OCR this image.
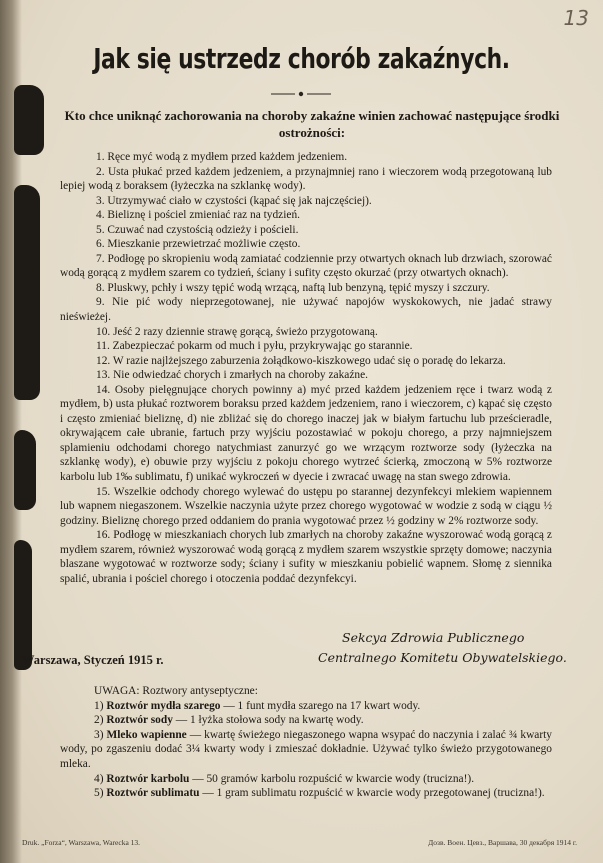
13
Jak się ustrzedz chorób zakaźnych.
Kto chce uniknąć zachorowania na choroby zakaźne winien zachować następujące środki ostrożności:
1. Ręce myć wodą z mydłem przed każdem jedzeniem.
2. Usta płukać przed każdem jedzeniem, a przynajmniej rano i wieczorem wodą przegotowaną lub lepiej wodą z boraksem (łyżeczka na szklankę wody).
3. Utrzymywać ciało w czystości (kąpać się jak najczęściej).
4. Bieliznę i pościel zmieniać raz na tydzień.
5. Czuwać nad czystością odzieży i pościeli.
6. Mieszkanie przewietrzać możliwie często.
7. Podłogę po skropieniu wodą zamiatać codziennie przy otwartych oknach lub drzwiach, szorować wodą gorącą z mydłem szarem co tydzień, ściany i sufity często okurzać (przy otwartych oknach).
8. Pluskwy, pchły i wszy tępić wodą wrzącą, naftą lub benzyną, tępić myszy i szczury.
9. Nie pić wody nieprzegotowanej, nie używać napojów wyskokowych, nie jadać strawy nieświeżej.
10. Jeść 2 razy dziennie strawę gorącą, świeżo przygotowaną.
11. Zabezpieczać pokarm od much i pyłu, przykrywając go starannie.
12. W razie najlżejszego zaburzenia żołądkowo-kiszkowego udać się o poradę do lekarza.
13. Nie odwiedzać chorych i zmarłych na choroby zakaźne.
14. Osoby pielęgnujące chorych powinny a) myć przed każdem jedzeniem ręce i twarz wodą z mydłem, b) usta płukać roztworem boraksu przed każdem jedzeniem, rano i wieczorem, c) kąpać się często i często zmieniać bieliznę, d) nie zbliżać się do chorego inaczej jak w białym fartuchu lub prześcieradle, okrywającem całe ubranie, fartuch przy wyjściu pozostawiać w pokoju chorego, a przy najmniejszem splamieniu odchodami chorego natychmiast zanurzyć go we wrzącym roztworze sody (łyżeczka na szklankę wody), e) obuwie przy wyjściu z pokoju chorego wytrzeć ścierką, zmoczoną w 5% roztworze karbolu lub 1‰ sublimatu, f) unikać wykroczeń w dyecie i zwracać uwagę na stan swego zdrowia.
15. Wszelkie odchody chorego wylewać do ustępu po starannej dezynfekcyi mlekiem wapiennem lub wapnem niegaszonem. Wszelkie naczynia użyte przez chorego wygotować w wodzie z sodą w ciągu ½ godziny. Bieliznę chorego przed oddaniem do prania wygotować przez ½ godziny w 2% roztworze sody.
16. Podłogę w mieszkaniach chorych lub zmarłych na choroby zakaźne wyszorować wodą gorącą z mydłem szarem, również wyszorować wodą gorącą z mydłem szarem wszystkie sprzęty domowe; naczynia blaszane wygotować w roztworze sody; ściany i sufity w mieszkaniu pobielić wapnem. Słomę z siennika spalić, ubrania i pościel chorego i otoczenia poddać dezynfekcyi.
Sekcya Zdrowia Publicznego
Centralnego Komitetu Obywatelskiego.
Warszawa, Styczeń 1915 r.
UWAGA: Roztwory antyseptyczne:
1) Roztwór mydła szarego — 1 funt mydła szarego na 17 kwart wody.
2) Roztwór sody — 1 łyżka stołowa sody na kwartę wody.
3) Mleko wapienne — kwartę świeżego niegaszonego wapna wsypać do naczynia i zalać ¾ kwarty wody, po zgaszeniu dodać 3¼ kwarty wody i zmieszać dokładnie. Używać tylko świeżo przygotowanego mleka.
4) Roztwór karbolu — 50 gramów karbolu rozpuścić w kwarcie wody (trucizna!).
5) Roztwór sublimatu — 1 gram sublimatu rozpuścić w kwarcie wody przegotowanej (trucizna!).
Druk. „Forza“, Warszawa, Warecka 13.	Дозв. Воен. Цевз., Варшава, 30 декабря 1914 г.
